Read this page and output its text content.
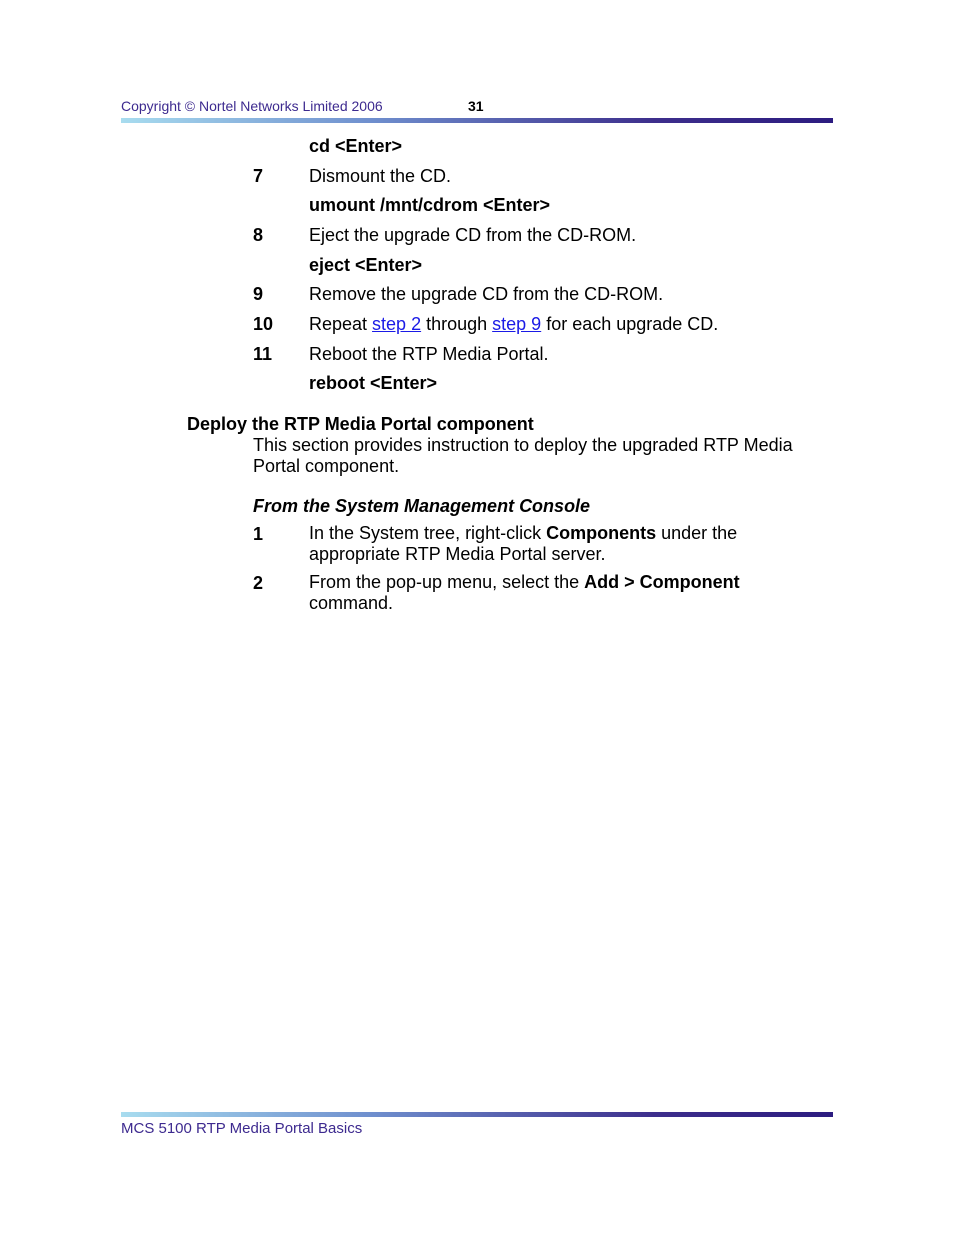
Copyright © Nortel Networks Limited 2006	31
cd <Enter>
7	Dismount the CD.
umount /mnt/cdrom <Enter>
8	Eject the upgrade CD from the CD-ROM.
eject <Enter>
9	Remove the upgrade CD from the CD-ROM.
10 Repeat step 2 through step 9 for each upgrade CD.
11 Reboot the RTP Media Portal.
reboot <Enter>
Deploy the RTP Media Portal component
This section provides instruction to deploy the upgraded RTP Media Portal component.
From the System Management Console
1	In the System tree, right-click Components under the appropriate RTP Media Portal server.
2	From the pop-up menu, select the Add > Component command.
MCS 5100 RTP Media Portal Basics
